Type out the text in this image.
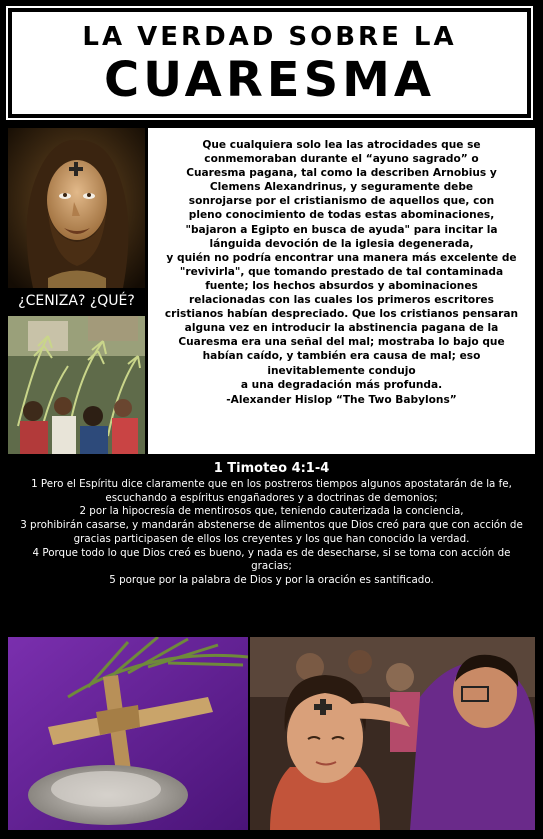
LA VERDAD SOBRE LA
CUARESMA
¿CENIZA? ¿QUÉ?

Que cualquiera solo lea las atrocidades que se

conmemoraban durante el “ayuno sagrado” o

Cuaresma pagana, tal como la describen Arnobius y

Clemens Alexandrinus, y seguramente debe

sonrojarse por el cristianismo de aquellos que, con

pleno conocimiento de todas estas abominaciones,

"bajaron a Egipto en busca de ayuda" para incitar la

lánguida devoción de la iglesia degenerada,

y quién no podría encontrar una manera más excelente de

"revivirla", que tomando prestado de tal contaminada

fuente; los hechos absurdos y abominaciones

relacionadas con las cuales los primeros escritores

cristianos habían despreciado. Que los cristianos pensaran

alguna vez en introducir la abstinencia pagana de la

Cuaresma era una señal del mal; mostraba lo bajo que

habían caído, y también era causa de mal; eso

inevitablemente condujo

a una degradación más profunda.

-Alexander Hislop “The Two Babylons”

1 Timoteo 4:1-4
1 Pero el Espíritu dice claramente que en los postreros tiempos algunos apostatarán de la fe, escuchando a espíritus engañadores y a doctrinas de demonios;
2 por la hipocresía de mentirosos que, teniendo cauterizada la conciencia,
3 prohibirán casarse, y mandarán abstenerse de alimentos que Dios creó para que con acción de gracias participasen de ellos los creyentes y los que han conocido la verdad.
4 Porque todo lo que Dios creó es bueno, y nada es de desecharse, si se toma con acción de gracias;
5 porque por la palabra de Dios y por la oración es santificado.
